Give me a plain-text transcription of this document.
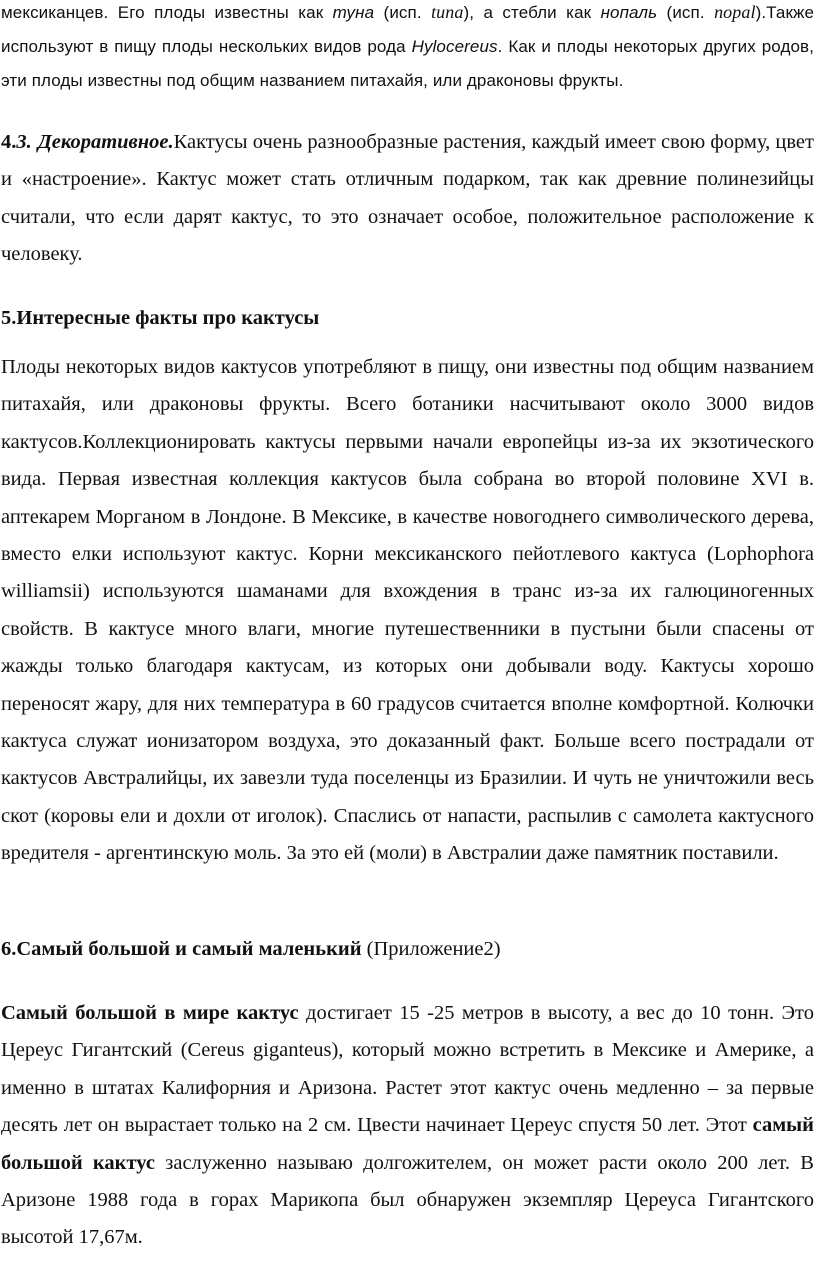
мексиканцев. Его плоды известны как туна (исп. tuna), а стебли как нопаль (исп. nopal).Также используют в пищу плоды нескольких видов рода Hylocereus. Как и плоды некоторых других родов, эти плоды известны под общим названием питахайя, или драконовы фрукты.

4.3. Декоративное.Кактусы очень разнообразные растения, каждый имеет свою форму, цвет и «настроение». Кактус может стать отличным подарком, так как древние полинезийцы считали, что если дарят кактус, то это означает особое, положительное расположение к человеку.

5.Интересные факты про кактусы

Плоды некоторых видов кактусов употребляют в пищу, они известны под общим названием питахайя, или драконовы фрукты. Всего ботаники насчитывают около 3000 видов кактусов.Коллекционировать кактусы первыми начали европейцы из-за их экзотического вида. Первая известная коллекция кактусов была собрана во второй половине XVI в. аптекарем Морганом в Лондоне. В Мексике, в качестве новогоднего символического дерева, вместо елки используют кактус. Корни мексиканского пейотлевого кактуса (Lophophora williamsii) используются шаманами для вхождения в транс из-за их галюциногенных свойств. В кактусе много влаги, многие путешественники в пустыни были спасены от жажды только благодаря кактусам, из которых они добывали воду. Кактусы хорошо переносят жару, для них температура в 60 градусов считается вполне комфортной. Колючки кактуса служат ионизатором воздуха, это доказанный факт. Больше всего пострадали от кактусов Австралийцы, их завезли туда поселенцы из Бразилии. И чуть не уничтожили весь скот (коровы ели и дохли от иголок). Спаслись от напасти, распылив с самолета кактусного вредителя - аргентинскую моль. За это ей (моли) в Австралии даже памятник поставили.

6.Самый большой и самый маленький (Приложение2)

Самый большой в мире кактус достигает 15 -25 метров в высоту, а вес до 10 тонн. Это Цереус Гигантский (Cereus giganteus), который можно встретить в Мексике и Америке, а именно в штатах Калифорния и Аризона. Растет этот кактус очень медленно – за первые десять лет он вырастает только на 2 см. Цвести начинает Цереус спустя 50 лет. Этот самый большой кактус заслуженно называю долгожителем, он может расти около 200 лет. В Аризоне 1988 года в горах Марикопа был обнаружен экземпляр Цереуса Гигантского высотой 17,67м.
